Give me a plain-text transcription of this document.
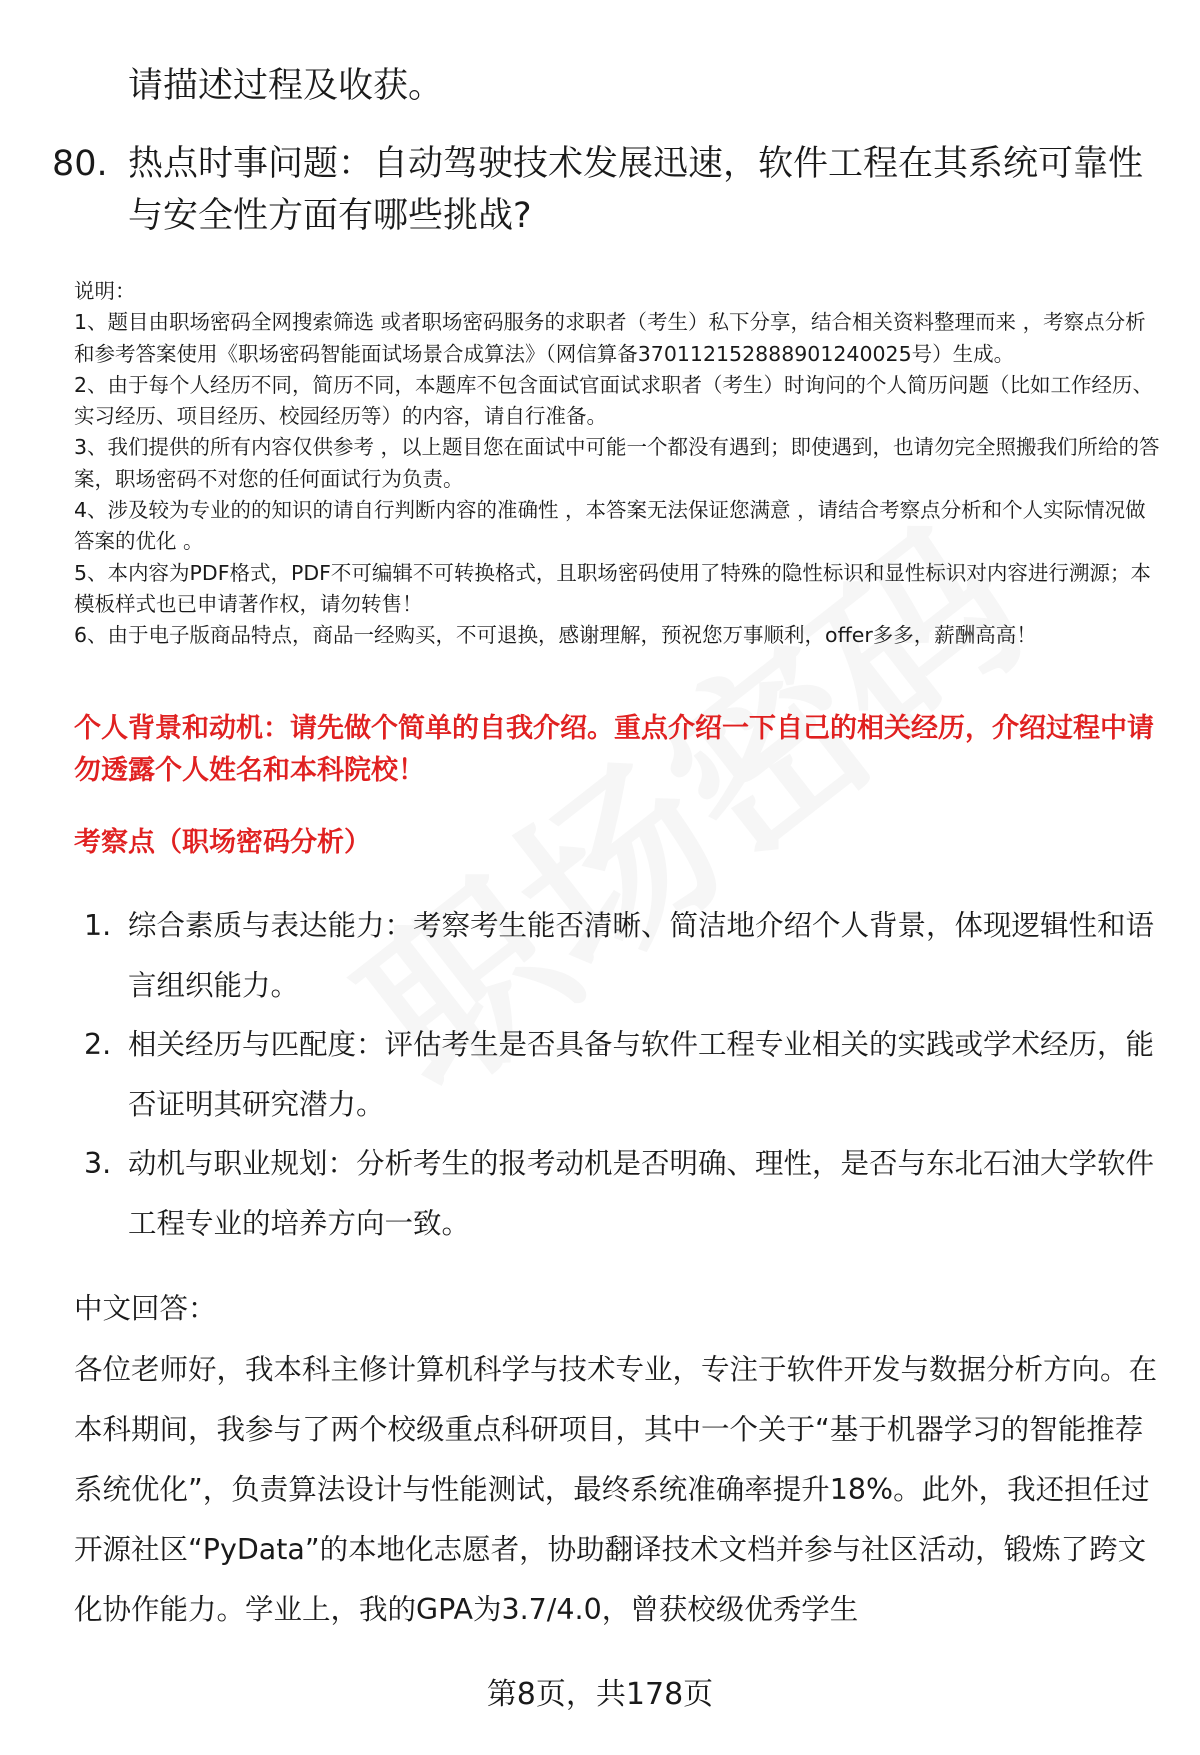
请描述过程及收获。

80. 热点时事问题：自动驾驶技术发展迅速，软件工程在其系统可靠性与安全性方面有哪些挑战?

说明：

1、题目由职场密码全网搜索筛选 或者职场密码服务的求职者（考生）私下分享，结合相关资料整理而来 ，考察点分析和参考答案使用《职场密码智能面试场景合成算法》（网信算备370112152888901240025号）生成。

2、由于每个人经历不同，简历不同，本题库不包含面试官面试求职者（考生）时询问的个人简历问题（比如工作经历、实习经历、项目经历、校园经历等）的内容，请自行准备。

3、我们提供的所有内容仅供参考 ，以上题目您在面试中可能一个都没有遇到；即使遇到，也请勿完全照搬我们所给的答案，职场密码不对您的任何面试行为负责。

4、涉及较为专业的的知识的请自行判断内容的准确性 ，本答案无法保证您满意 ，请结合考察点分析和个人实际情况做答案的优化 。

5、本内容为PDF格式，PDF不可编辑不可转换格式，且职场密码使用了特殊的隐性标识和显性标识对内容进行溯源；本模板样式也已申请著作权，请勿转售！

6、由于电子版商品特点，商品一经购买，不可退换，感谢理解，预祝您万事顺利，offer多多，薪酬高高！

个人背景和动机：请先做个简单的自我介绍。重点介绍一下自己的相关经历，介绍过程中请勿透露个人姓名和本科院校！
考察点（职场密码分析）
1. 综合素质与表达能力：考察考生能否清晰、简洁地介绍个人背景，体现逻辑性和语言组织能力。
2. 相关经历与匹配度：评估考生是否具备与软件工程专业相关的实践或学术经历，能否证明其研究潜力。
3. 动机与职业规划：分析考生的报考动机是否明确、理性，是否与东北石油大学软件工程专业的培养方向一致。
中文回答：
各位老师好，我本科主修计算机科学与技术专业，专注于软件开发与数据分析方向。在本科期间，我参与了两个校级重点科研项目，其中一个关于“基于机器学习的智能推荐系统优化”，负责算法设计与性能测试，最终系统准确率提升18%。此外，我还担任过开源社区“PyData”的本地化志愿者，协助翻译技术文档并参与社区活动，锻炼了跨文化协作能力。学业上，我的GPA为3.7/4.0，曾获校级优秀学生
第8页，共178页
